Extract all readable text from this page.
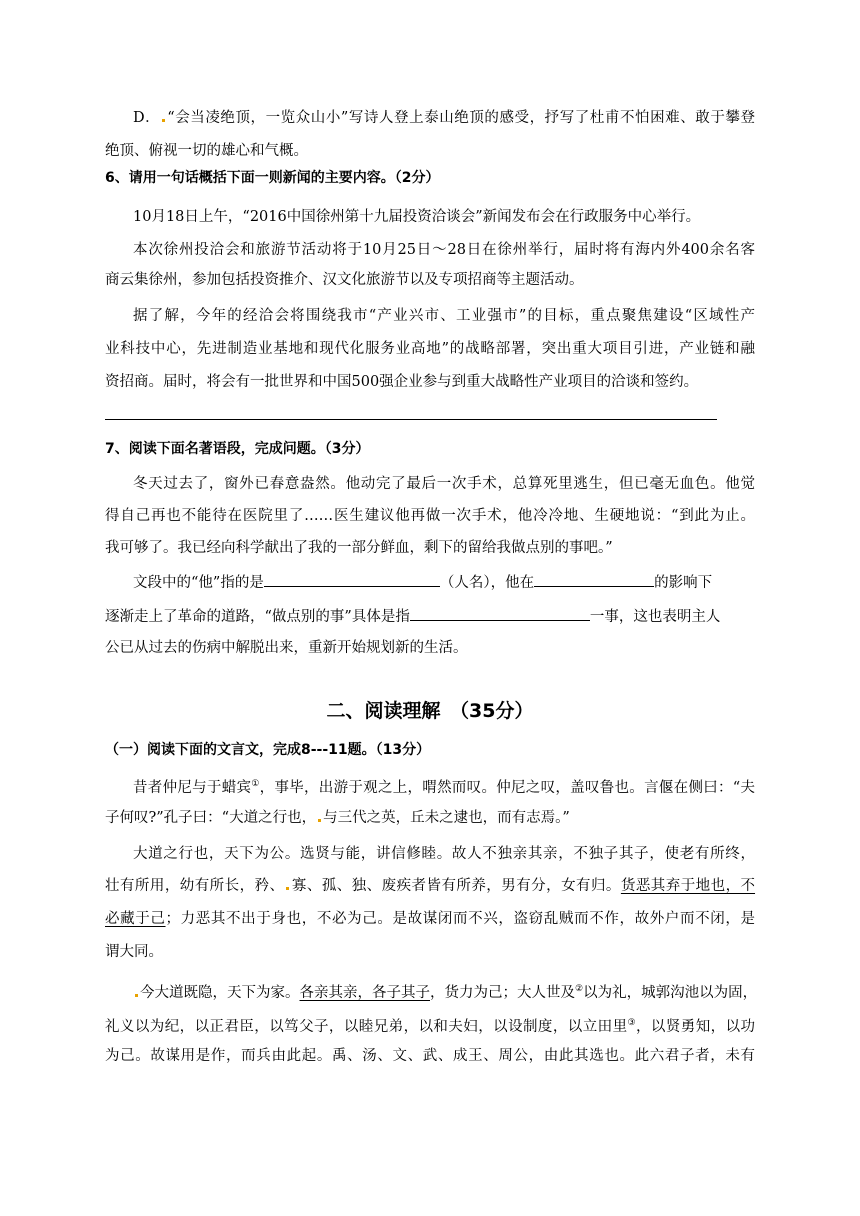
D． “会当凌绝顶，一览众山小”写诗人登上泰山绝顶的感受，抒写了杜甫不怕困难、敢于攀登
绝顶、俯视一切的雄心和气概。
6、请用一句话概括下面一则新闻的主要内容。（2分）
10月18日上午，“2016中国徐州第十九届投资洽谈会”新闻发布会在行政服务中心举行。
本次徐州投洽会和旅游节活动将于10月25日～28日在徐州举行，届时将有海内外400余名客
商云集徐州，参加包括投资推介、汉文化旅游节以及专项招商等主题活动。
据了解，今年的经洽会将围绕我市“产业兴市、工业强市”的目标，重点聚焦建设“区域性产
业科技中心，先进制造业基地和现代化服务业高地”的战略部署，突出重大项目引进，产业链和融
资招商。届时，将会有一批世界和中国500强企业参与到重大战略性产业项目的洽谈和签约。
7、阅读下面名著语段，完成问题。（3分）
冬天过去了，窗外已春意盎然。他动完了最后一次手术，总算死里逃生，但已毫无血色。他觉
得自己再也不能待在医院里了……医生建议他再做一次手术，他冷冷地、生硬地说：“到此为止。
我可够了。我已经向科学献出了我的一部分鲜血，剩下的留给我做点别的事吧。”
文段中的“他”指的是	（人名），他在	的影响下
逐渐走上了革命的道路，“做点别的事”具体是指	一事，这也表明主人
公已从过去的伤病中解脱出来，重新开始规划新的生活。
二、阅读理解　（35分）
（一）阅读下面的文言文，完成8---11题。（13分）
昔者仲尼与于蜡宾①，事毕，出游于观之上，喟然而叹。仲尼之叹，盖叹鲁也。言偃在侧曰：“夫
子何叹?”孔子曰：“大道之行也， 与三代之英，丘未之逮也，而有志焉。”
大道之行也，天下为公。选贤与能，讲信修睦。故人不独亲其亲，不独子其子，使老有所终，
壮有所用，幼有所长，矜、 寡、孤、独、废疾者皆有所养，男有分，女有归。货恶其弃于地也，不
必藏于己；力恶其不出于身也，不必为己。是故谋闭而不兴，盗窃乱贼而不作，故外户而不闭，是
谓大同。
今大道既隐，天下为家。各亲其亲，各子其子，货力为己；大人世及②以为礼，城郭沟池以为固，
礼义以为纪，以正君臣，以笃父子，以睦兄弟，以和夫妇，以设制度，以立田里③，以贤勇知，以功
为己。故谋用是作，而兵由此起。禹、汤、文、武、成王、周公，由此其选也。此六君子者，未有
